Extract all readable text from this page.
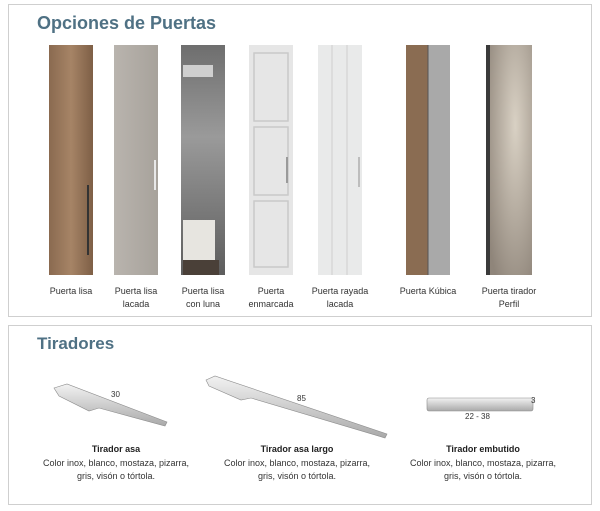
Opciones de Puertas
Puerta lisa	Puerta lisa
lacada
Puerta lisa
con luna
Puerta
enmarcada
Puerta rayada
lacada
Puerta Kúbica	Puerta tirador
Perfil
Tiradores
30	85	3
22 - 38
Tirador asa
Color inox, blanco, mostaza, pizarra,
gris, visón o tórtola.
Tirador asa largo
Color inox, blanco, mostaza, pizarra,
gris, visón o tórtola.
Tirador embutido
Color inox, blanco, mostaza, pizarra,
gris, visón o tórtola.
